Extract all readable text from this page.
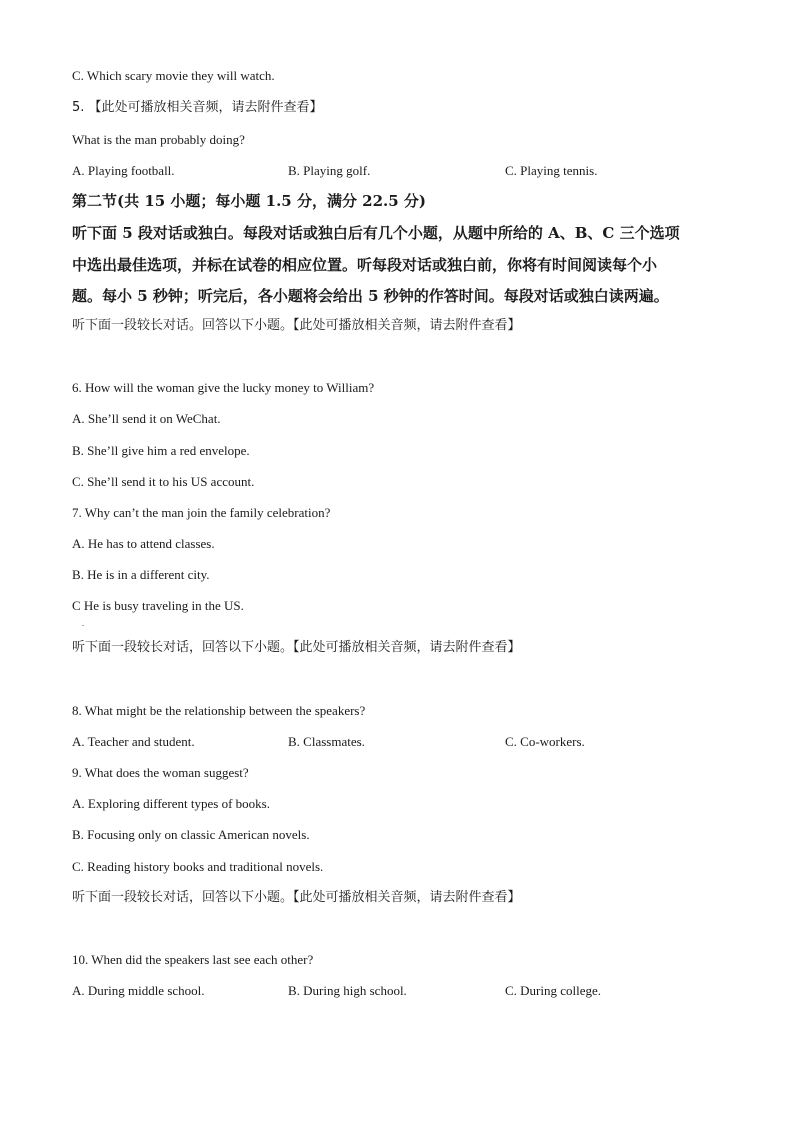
C. Which scary movie they will watch.
5. 【此处可播放相关音频，请去附件查看】
What is the man probably doing?
A. Playing football.	B. Playing golf.	C. Playing tennis.
第二节(共 15 小题；每小题 1.5 分，满分 22.5 分)
听下面 5 段对话或独白。每段对话或独白后有几个小题，从题中所给的 A、B、C 三个选项
中选出最佳选项，并标在试卷的相应位置。听每段对话或独白前，你将有时间阅读每个小
题。每小 5 秒钟；听完后，各小题将会给出 5 秒钟的作答时间。每段对话或独白读两遍。
听下面一段较长对话。回答以下小题。【此处可播放相关音频，请去附件查看】
6. How will the woman give the lucky money to William?
A. She’ll send it on WeChat.
B. She’ll give him a red envelope.
C. She’ll send it to his US account.
7. Why can’t the man join the family celebration?
A. He has to attend classes.
B. He is in a different city.
C He is busy traveling in the US.
.
听下面一段较长对话，回答以下小题。【此处可播放相关音频，请去附件查看】
8. What might be the relationship between the speakers?
A. Teacher and student.	B. Classmates.	C. Co-workers.
9. What does the woman suggest?
A. Exploring different types of books.
B. Focusing only on classic American novels.
C. Reading history books and traditional novels.
听下面一段较长对话，回答以下小题。【此处可播放相关音频，请去附件查看】
10. When did the speakers last see each other?
A. During middle school.	B. During high school.	C. During college.
